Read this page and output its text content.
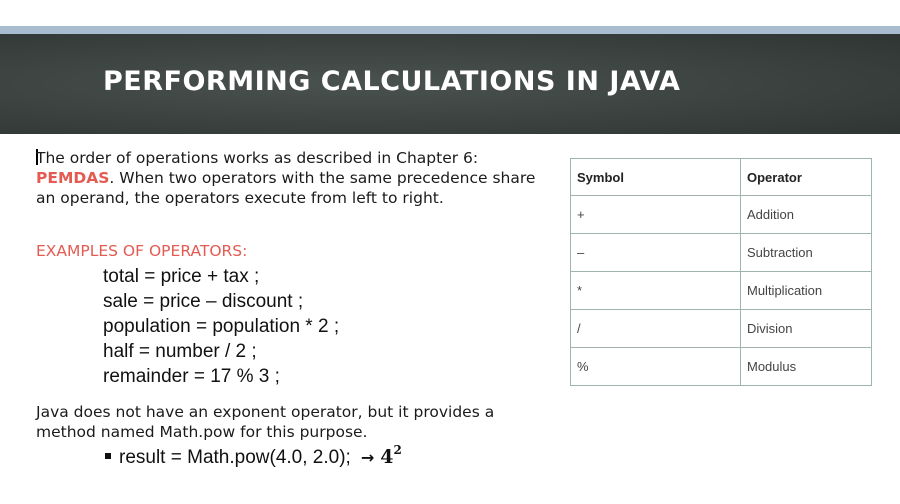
PERFORMING CALCULATIONS IN JAVA

The order of operations works as described in Chapter 6: PEMDAS. When two operators with the same precedence share an operand, the operators execute from left to right.

EXAMPLES OF OPERATORS:

total = price + tax ;
sale = price – discount ;
population = population * 2 ;
half = number / 2 ;
remainder = 17 % 3 ;

Java does not have an exponent operator, but it provides a method named Math.pow for this purpose.

result = Math.pow(4.0, 2.0); → $4^2$

Symbol	Operator
+	Addition
–	Subtraction
*	Multiplication
/	Division
%	Modulus
